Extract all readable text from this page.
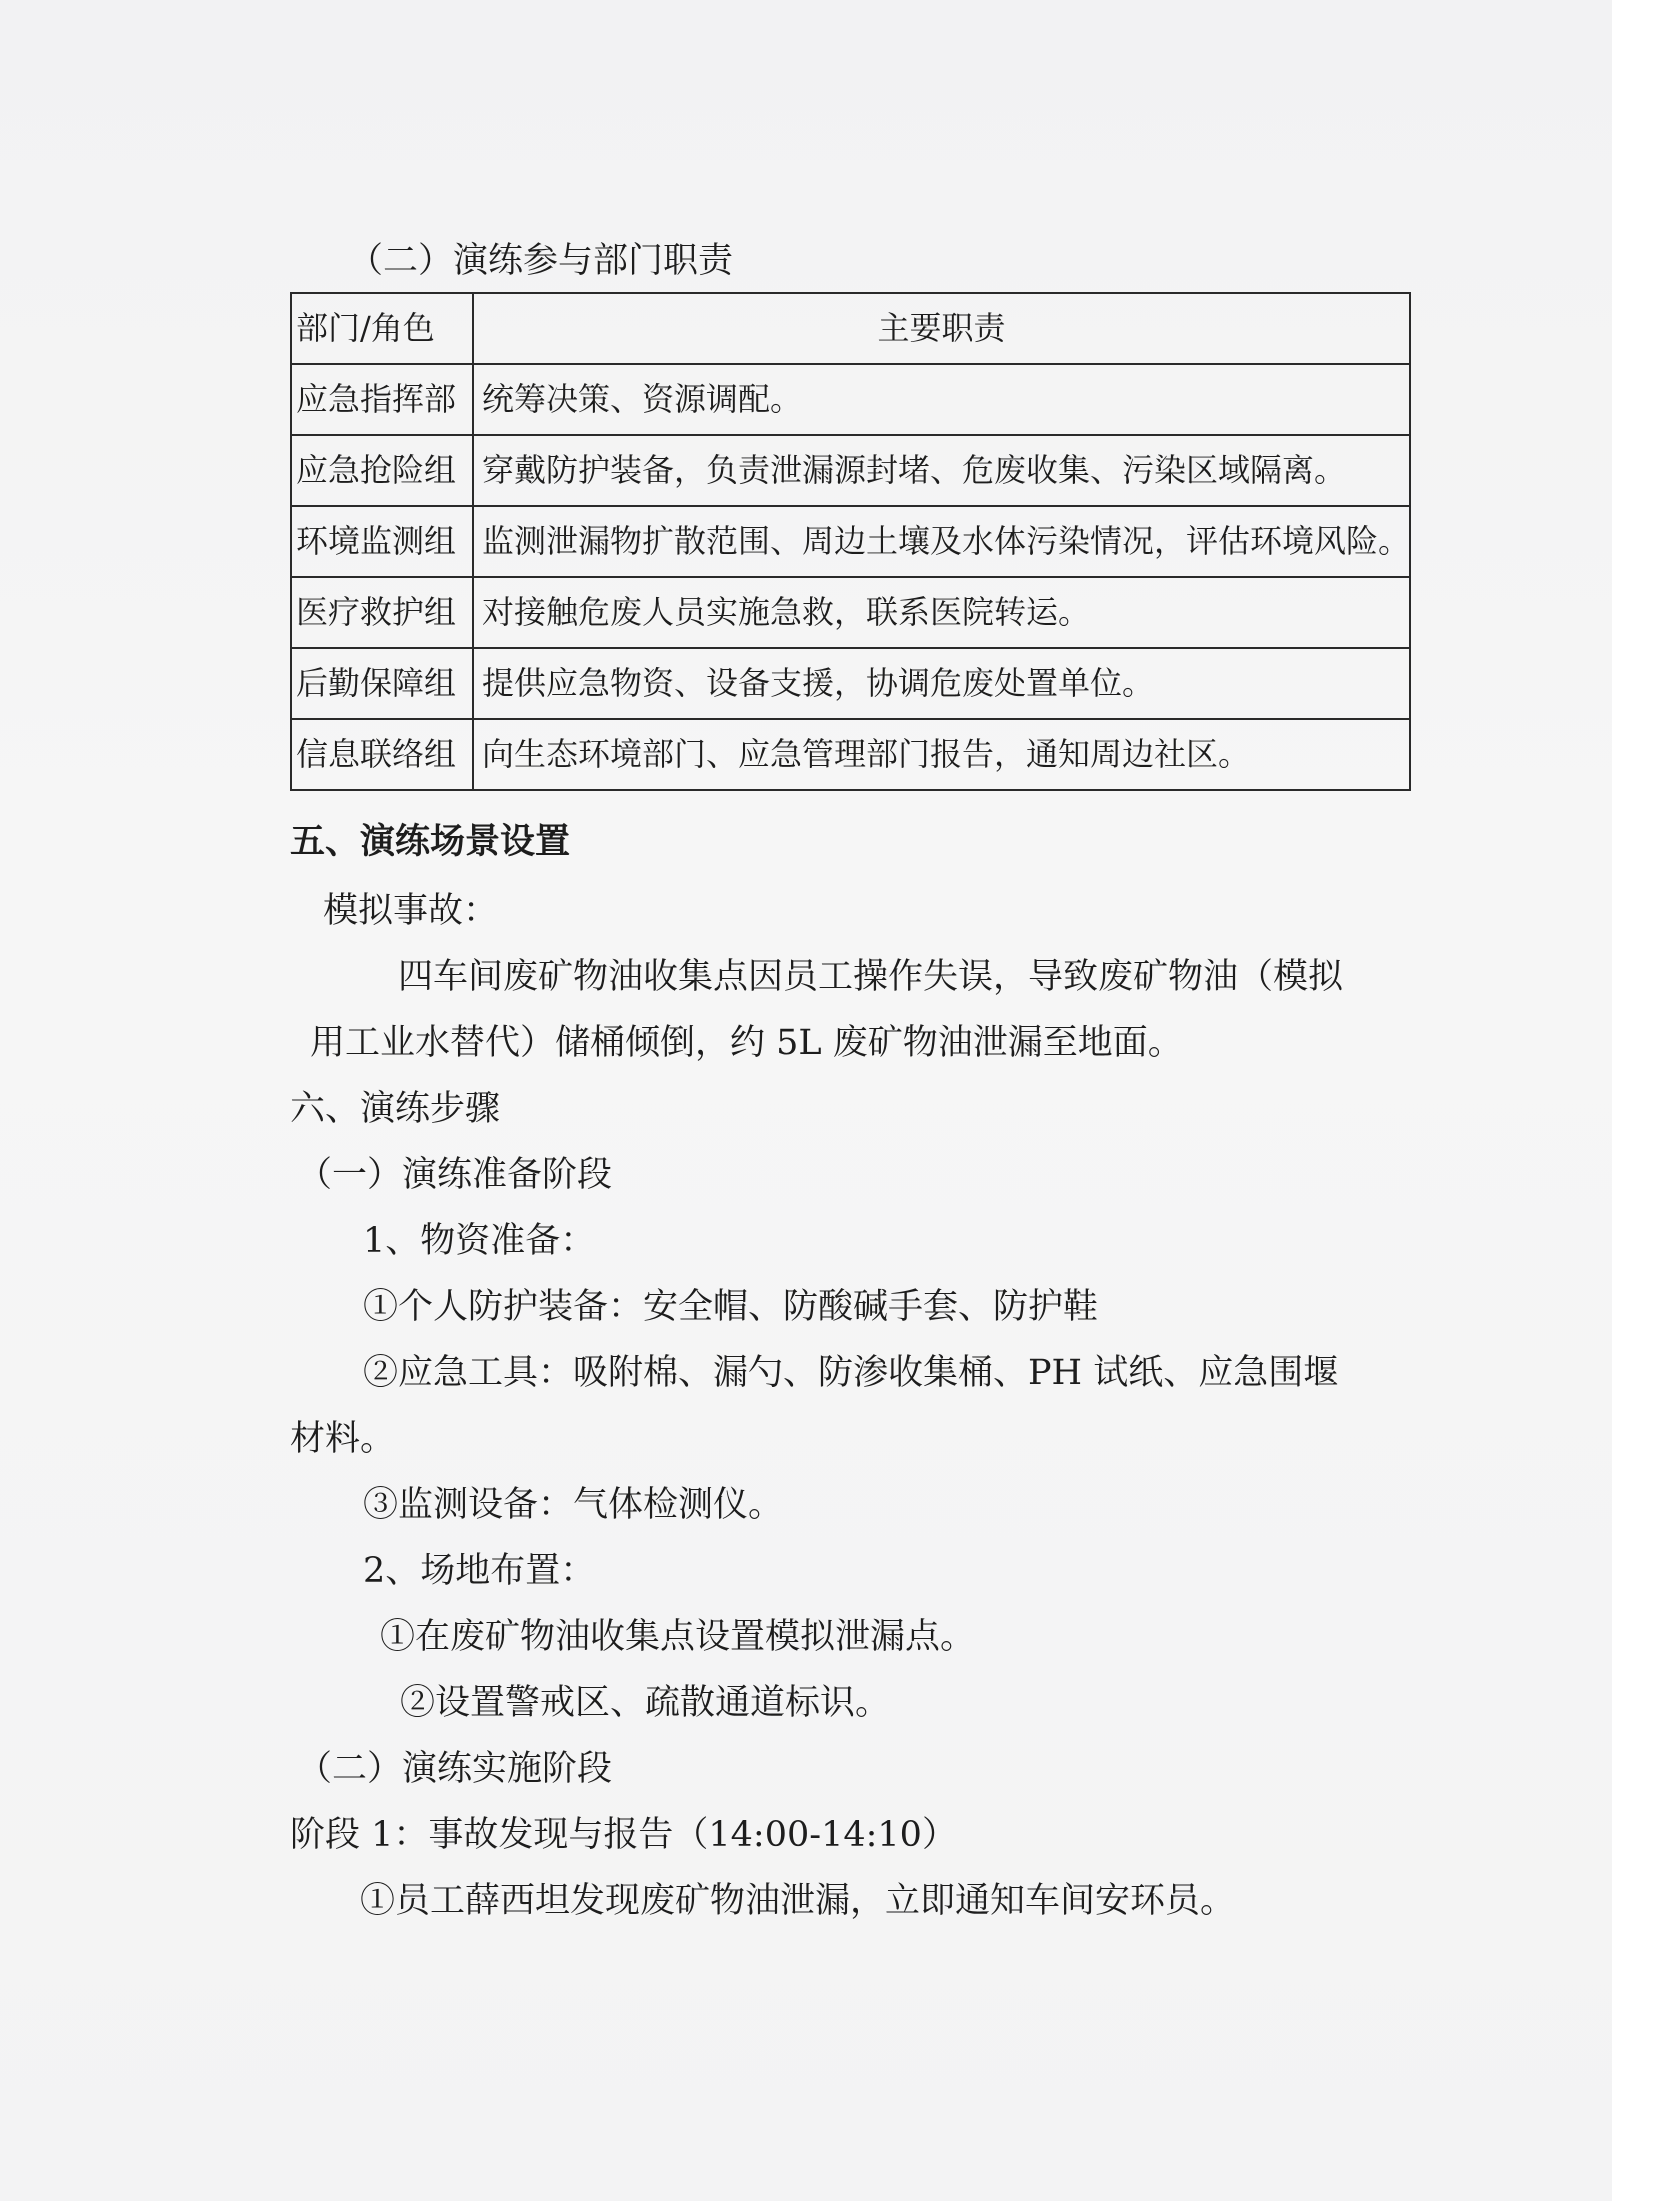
（二）演练参与部门职责
部门/角色	主要职责
应急指挥部	统筹决策、资源调配。
应急抢险组	穿戴防护装备，负责泄漏源封堵、危废收集、污染区域隔离。
环境监测组	监测泄漏物扩散范围、周边土壤及水体污染情况，评估环境风险。
医疗救护组	对接触危废人员实施急救，联系医院转运。
后勤保障组	提供应急物资、设备支援，协调危废处置单位。
信息联络组	向生态环境部门、应急管理部门报告，通知周边社区。
五、演练场景设置
模拟事故：
四车间废矿物油收集点因员工操作失误，导致废矿物油（模拟
用工业水替代）储桶倾倒，约 5L 废矿物油泄漏至地面。
六、演练步骤
（一）演练准备阶段
1、物资准备：
①个人防护装备：安全帽、防酸碱手套、防护鞋
②应急工具：吸附棉、漏勺、防渗收集桶、PH 试纸、应急围堰
材料。
③监测设备：气体检测仪。
2、场地布置：
①在废矿物油收集点设置模拟泄漏点。
②设置警戒区、疏散通道标识。
（二）演练实施阶段
阶段 1：事故发现与报告（14:00-14:10）
①员工薛西坦发现废矿物油泄漏，立即通知车间安环员。
